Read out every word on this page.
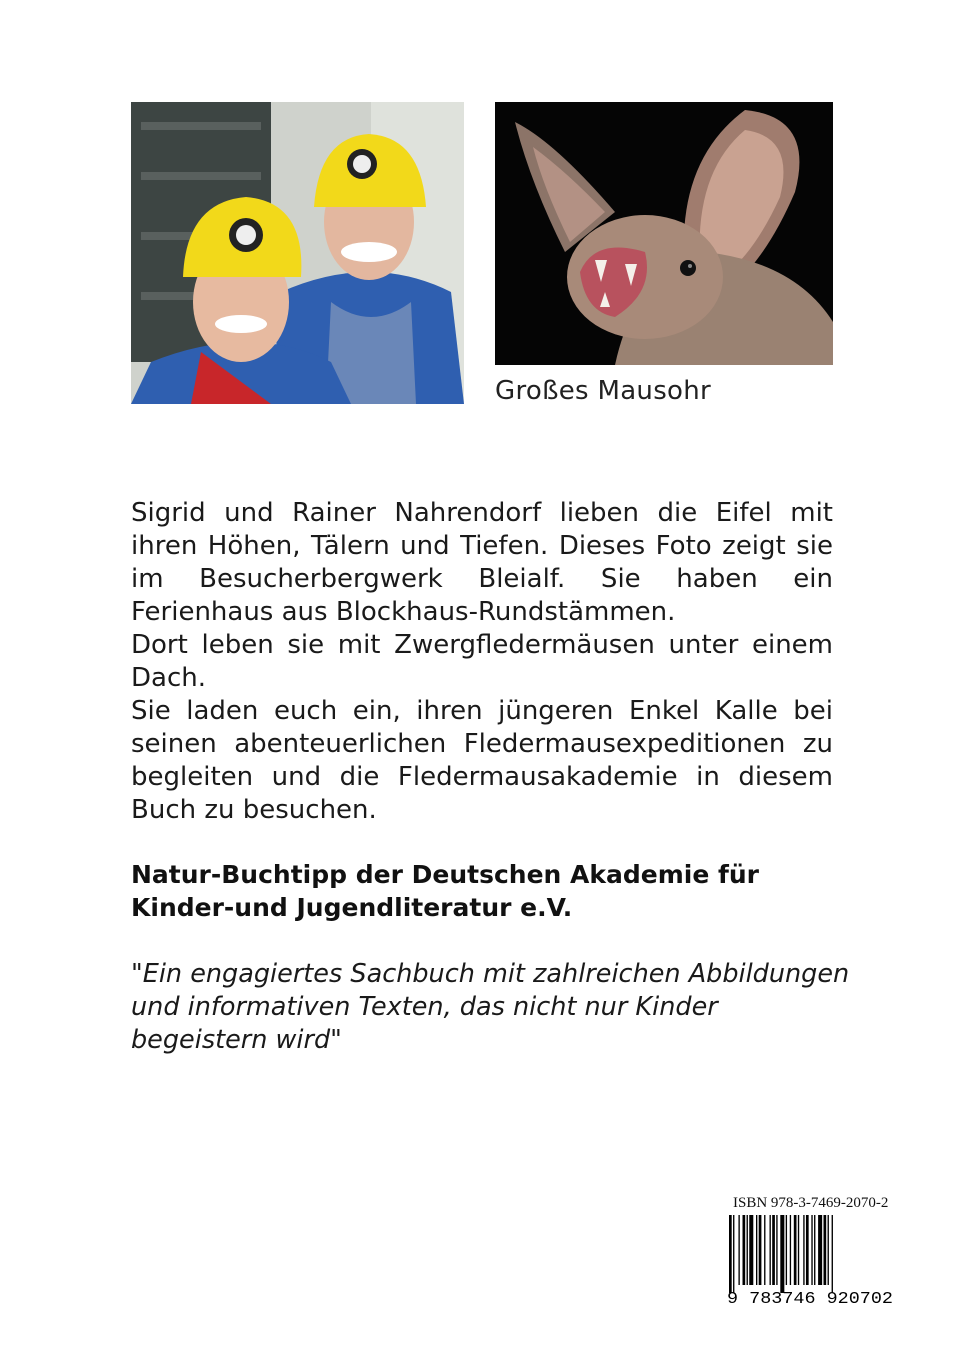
Großes Mausohr

Sigrid und Rainer Nahrendorf lieben die Eifel mit ihren Höhen, Tälern und Tiefen. Dieses Foto zeigt sie im Besucherbergwerk Bleialf. Sie haben ein Ferienhaus aus Blockhaus-Rundstämmen.

Dort leben sie mit Zwergfledermäusen unter einem Dach.

Sie laden euch ein, ihren jüngeren Enkel Kalle bei seinen abenteuerlichen Fledermausexpeditionen zu begleiten und die Fledermausakademie in diesem Buch zu besuchen.

Natur-Buchtipp der Deutschen Akademie für
Kinder-und Jugendliteratur e.V.
"Ein engagiertes Sachbuch mit zahlreichen Abbildungen und informativen Texten, das nicht nur Kinder begeistern wird"
ISBN 978-3-7469-2070-2
9 783746 920702
